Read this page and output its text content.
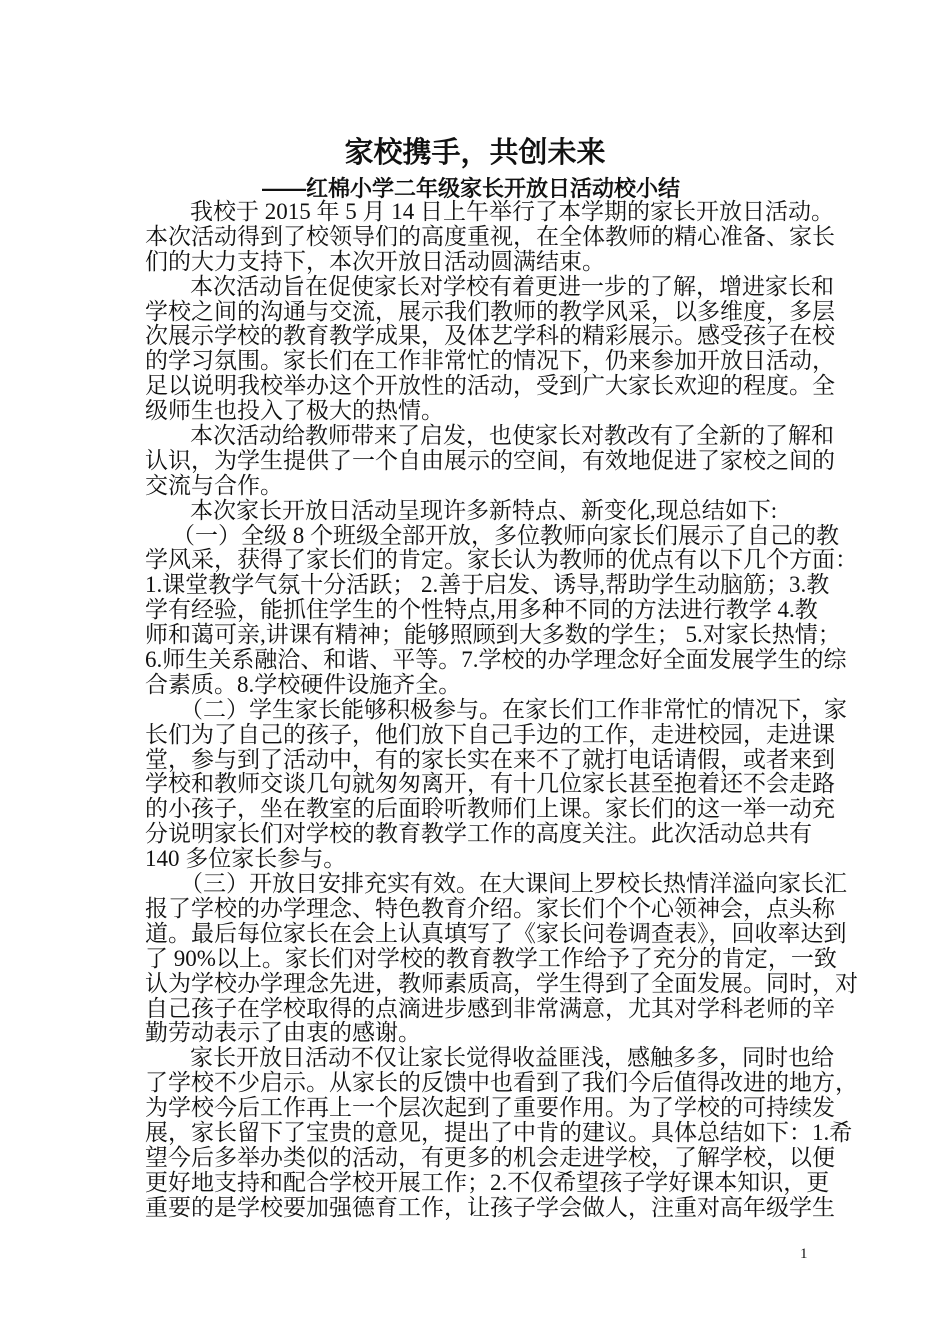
家校携手，共创未来
——红棉小学二年级家长开放日活动校小结
我校于 2015 年 5 月 14 日上午举行了本学期的家长开放日活动。
本次活动得到了校领导们的高度重视，在全体教师的精心准备、家长
们的大力支持下，本次开放日活动圆满结束。
本次活动旨在促使家长对学校有着更进一步的了解，增进家长和
学校之间的沟通与交流，展示我们教师的教学风采，以多维度，多层
次展示学校的教育教学成果，及体艺学科的精彩展示。感受孩子在校
的学习氛围。家长们在工作非常忙的情况下，仍来参加开放日活动，
足以说明我校举办这个开放性的活动，受到广大家长欢迎的程度。全
级师生也投入了极大的热情。
本次活动给教师带来了启发，也使家长对教改有了全新的了解和
认识，为学生提供了一个自由展示的空间，有效地促进了家校之间的
交流与合作。
本次家长开放日活动呈现许多新特点、新变化,现总结如下:
（一）全级 8 个班级全部开放，多位教师向家长们展示了自己的教
学风采，获得了家长们的肯定。家长认为教师的优点有以下几个方面：
1.课堂教学气氛十分活跃； 2.善于启发、诱导,帮助学生动脑筋；3.教
学有经验，能抓住学生的个性特点,用多种不同的方法进行教学 4.教
师和蔼可亲,讲课有精神；能够照顾到大多数的学生； 5.对家长热情；
6.师生关系融洽、和谐、平等。7.学校的办学理念好全面发展学生的综
合素质。8.学校硬件设施齐全。
（二）学生家长能够积极参与。在家长们工作非常忙的情况下，家
长们为了自己的孩子，他们放下自己手边的工作，走进校园，走进课
堂，参与到了活动中，有的家长实在来不了就打电话请假，或者来到
学校和教师交谈几句就匆匆离开，有十几位家长甚至抱着还不会走路
的小孩子，坐在教室的后面聆听教师们上课。家长们的这一举一动充
分说明家长们对学校的教育教学工作的高度关注。此次活动总共有
140 多位家长参与。
（三）开放日安排充实有效。在大课间上罗校长热情洋溢向家长汇
报了学校的办学理念、特色教育介绍。家长们个个心领神会，点头称
道。最后每位家长在会上认真填写了《家长问卷调查表》，回收率达到
了 90%以上。家长们对学校的教育教学工作给予了充分的肯定，一致
认为学校办学理念先进，教师素质高，学生得到了全面发展。同时，对
自己孩子在学校取得的点滴进步感到非常满意，尤其对学科老师的辛
勤劳动表示了由衷的感谢。
家长开放日活动不仅让家长觉得收益匪浅，感触多多，同时也给
了学校不少启示。从家长的反馈中也看到了我们今后值得改进的地方，
为学校今后工作再上一个层次起到了重要作用。为了学校的可持续发
展，家长留下了宝贵的意见，提出了中肯的建议。具体总结如下：1.希
望今后多举办类似的活动，有更多的机会走进学校，了解学校，以便
更好地支持和配合学校开展工作；2.不仅希望孩子学好课本知识，更
重要的是学校要加强德育工作，让孩子学会做人，注重对高年级学生
1
